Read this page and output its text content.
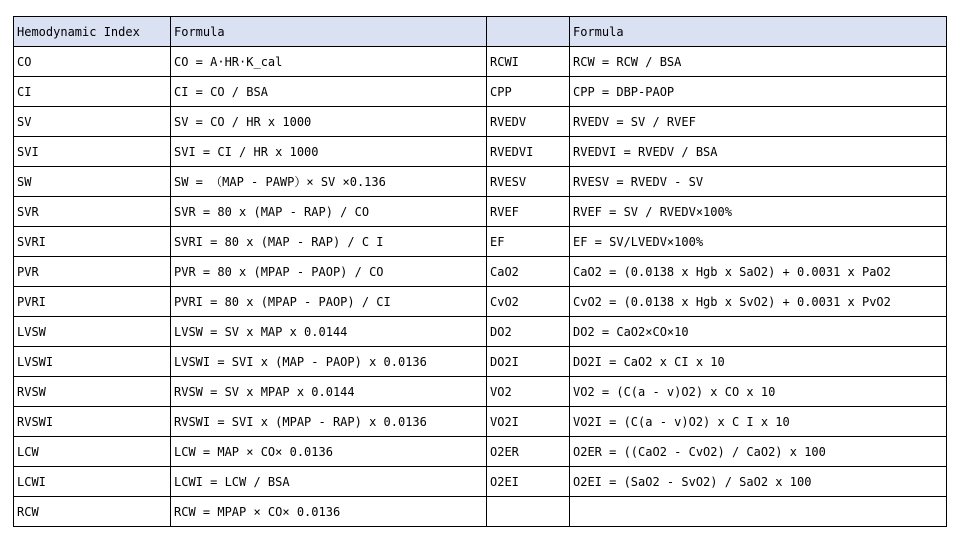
Hemodynamic Index	Formula		Formula
CO	CO = A·HR·K_cal	RCWI	RCW = RCW / BSA
CI	CI = CO / BSA	CPP	CPP = DBP-PAOP
SV	SV = CO / HR x 1000	RVEDV	RVEDV = SV / RVEF
SVI	SVI = CI / HR x 1000	RVEDVI	RVEDVI = RVEDV / BSA
SW	SW = （MAP - PAWP）× SV ×0.136	RVESV	RVESV = RVEDV - SV
SVR	SVR = 80 x (MAP - RAP) / CO	RVEF	RVEF = SV / RVEDV×100%
SVRI	SVRI = 80 x (MAP - RAP) / C I	EF	EF = SV/LVEDV×100%
PVR	PVR = 80 x (MPAP - PAOP) / CO	CaO2	CaO2 = (0.0138 x Hgb x SaO2) + 0.0031 x PaO2
PVRI	PVRI = 80 x (MPAP - PAOP) / CI	CvO2	CvO2 = (0.0138 x Hgb x SvO2) + 0.0031 x PvO2
LVSW	LVSW = SV x MAP x 0.0144	DO2	DO2 = CaO2×CO×10
LVSWI	LVSWI = SVI x (MAP - PAOP) x 0.0136	DO2I	DO2I = CaO2 x CI x 10
RVSW	RVSW = SV x MPAP x 0.0144	VO2	VO2 = (C(a - v)O2) x CO x 10
RVSWI	RVSWI = SVI x (MPAP - RAP) x 0.0136	VO2I	VO2I = (C(a - v)O2) x C I x 10
LCW	LCW = MAP × CO× 0.0136	O2ER	O2ER = ((CaO2 - CvO2) / CaO2) x 100
LCWI	LCWI = LCW / BSA	O2EI	O2EI = (SaO2 - SvO2) / SaO2 x 100
RCW	RCW = MPAP × CO× 0.0136		
